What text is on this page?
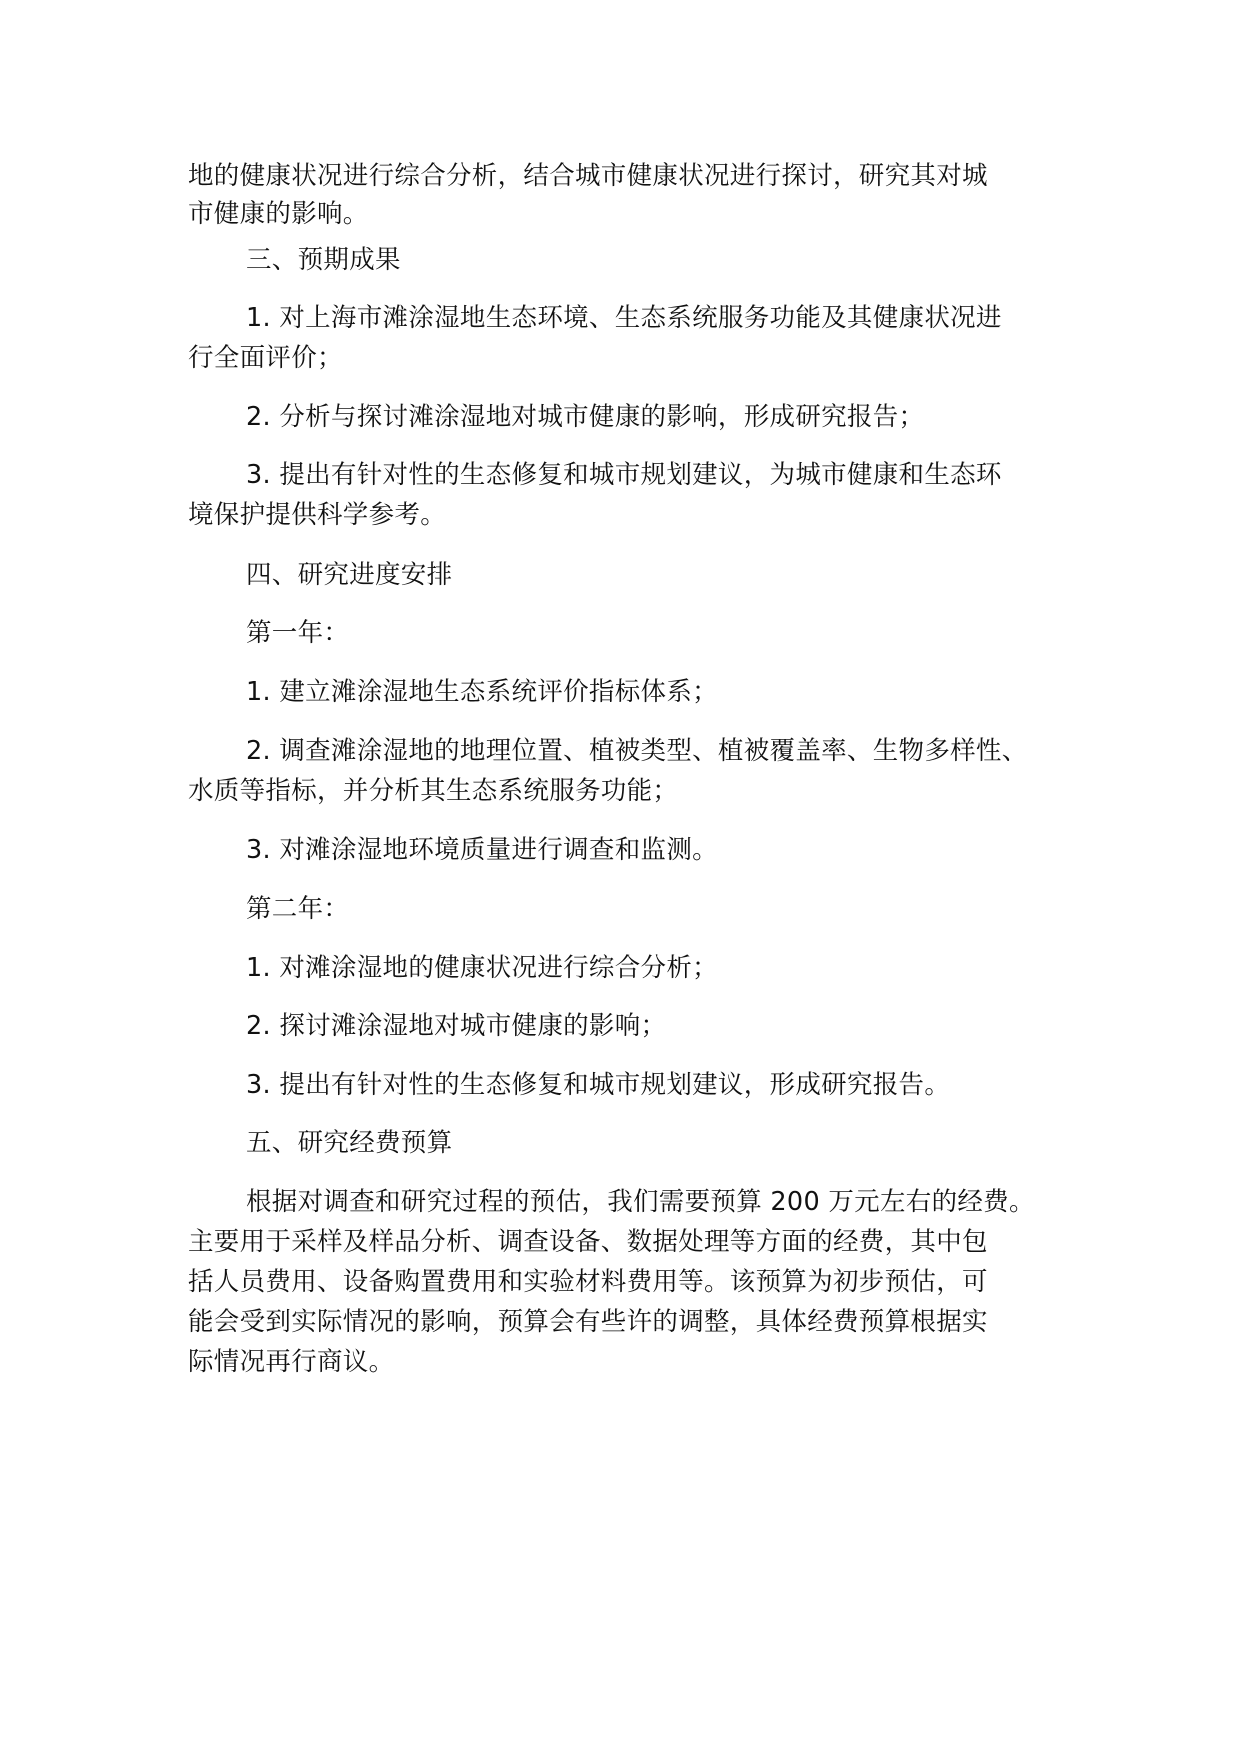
地的健康状况进行综合分析，结合城市健康状况进行探讨，研究其对城
市健康的影响。
三、预期成果
1. 对上海市滩涂湿地生态环境、生态系统服务功能及其健康状况进
行全面评价；
2. 分析与探讨滩涂湿地对城市健康的影响，形成研究报告；
3. 提出有针对性的生态修复和城市规划建议，为城市健康和生态环
境保护提供科学参考。
四、研究进度安排
第一年：
1. 建立滩涂湿地生态系统评价指标体系；
2. 调查滩涂湿地的地理位置、植被类型、植被覆盖率、生物多样性、
水质等指标，并分析其生态系统服务功能；
3. 对滩涂湿地环境质量进行调查和监测。
第二年：
1. 对滩涂湿地的健康状况进行综合分析；
2. 探讨滩涂湿地对城市健康的影响；
3. 提出有针对性的生态修复和城市规划建议，形成研究报告。
五、研究经费预算
根据对调查和研究过程的预估，我们需要预算 200 万元左右的经费。
主要用于采样及样品分析、调查设备、数据处理等方面的经费，其中包
括人员费用、设备购置费用和实验材料费用等。该预算为初步预估，可
能会受到实际情况的影响，预算会有些许的调整，具体经费预算根据实
际情况再行商议。
